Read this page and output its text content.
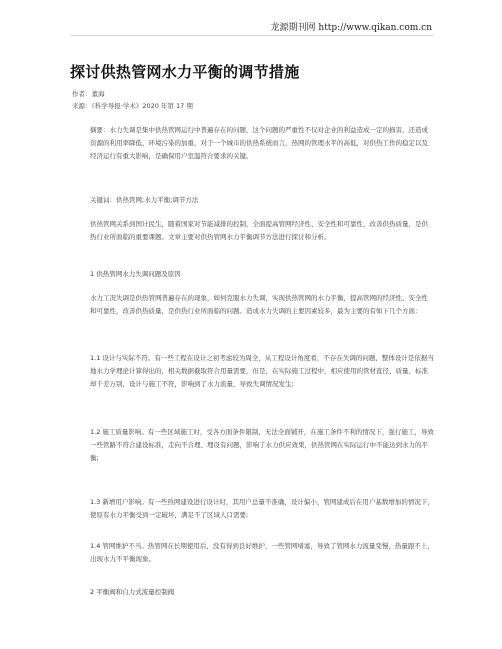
龙源期刊网 http://www.qikan.com.cn
探讨供热管网水力平衡的调节措施
作者：董海
来源：《科学导报·学术》2020 年第 17 期

摘要：水力失调是集中供热管网运行中普遍存在的问题，这个问题的严重性不仅对企业的利益造成一定的损害，还造成资源的利用率降低、环境污染的加重，对于一个城市的供热系统而言，热网的管理水平的高低，对供热工作的稳定以及经济运行有重大影响，是确保用户室温符合要求的关键。

关键词：供热管网;水力平衡;调节方法

供热管网关系到国计民生，随着国家对节能减排的控制，全面提高管网经济性、安全性和可靠性，改善供热质量，是供热行业所面临的重要课题。文章主要对供热管网水力平衡调节方法进行探讨和分析。

1 供热管网水力失调问题及原因

水力工况失调是供热管网普遍存在的现象，如何克服水力失调，实现供热管网的水力平衡，提高管网的经济性、安全性和可靠性，改善供热质量，是供热行业所面临的问题。造成水力失调的主要因素较多，最为主要的有如下几个方面：

1.1 设计与实际不符。有一些工程在设计之初考虑较为周全，从工程设计角度看，不存在失调的问题，整体设计是依据当地水力学理论计算得出的，相关数据截取符合用量需要，但是，在实际施工过程中，相应使用的管材直径、质量、标准却千差万别，设计与施工不符，影响到了水力流量，导致失调情况发生;

1.2 施工质量影响。有一些区域施工时，受各方面条件限制，无法全面铺开，在施工条件不利的情况下，强行施工，导致一些管路不符合建设标准，走向不合理、埋设有问题，影响了水力供应效果，供热管网在实际运行中不能达到水力的平衡;

1.3 新增用户影响。有一些热网建设进行设计时，其用户总量不准确，设计偏小，管网建成后在用户基数增加的情况下，使原有水力平衡受到一定破坏，满足不了区域人口需要;

1.4 管网维护不当。热管网在长期使用后，没有得到良好维护，一些管网堵塞，导致了管网水力流量变慢，热量跟不上，出现水力不平衡现象。

2 平衡阀和自力式流量控制阀
